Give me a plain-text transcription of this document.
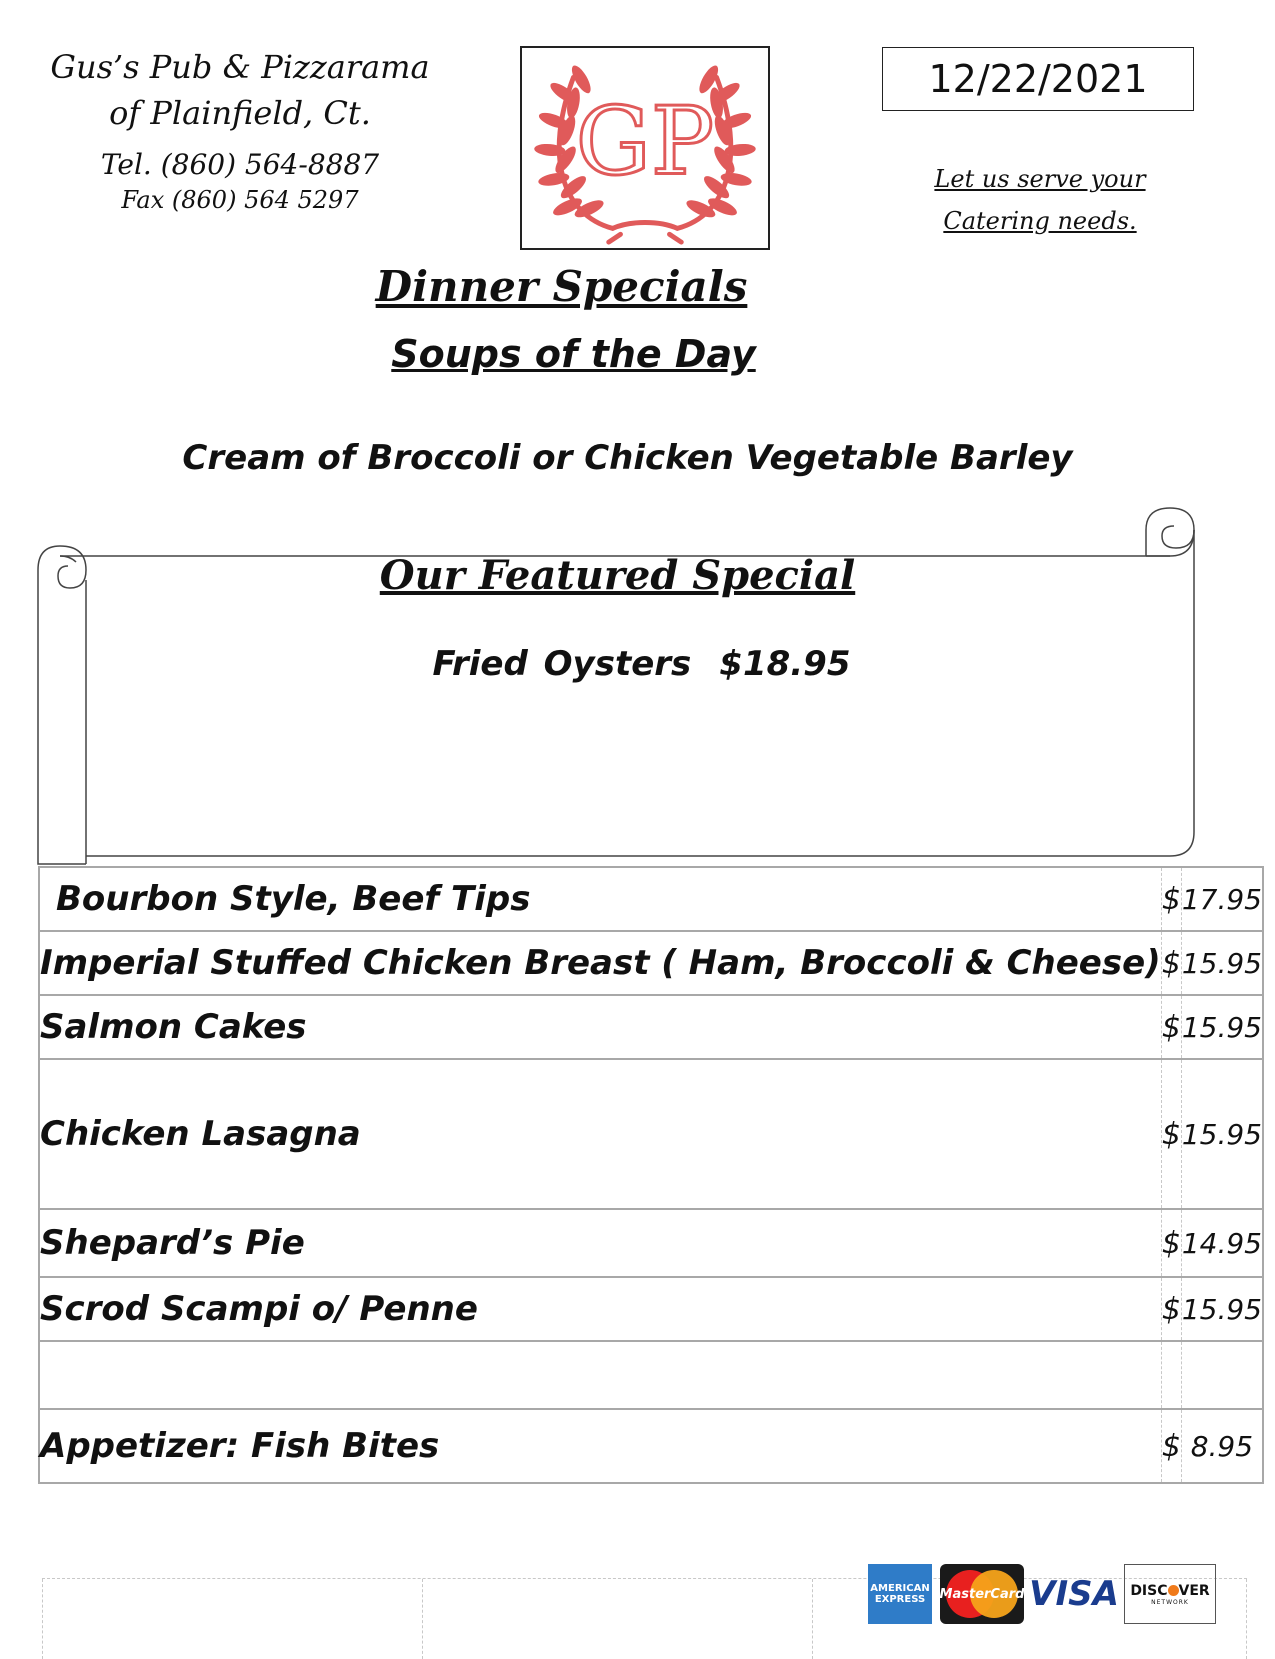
Gus’s Pub & Pizzarama
of Plainfield, Ct.
Tel. (860) 564-8887
Fax (860) 564 5297
GP
12/22/2021
Let us serve your
Catering needs.
Dinner Specials
Soups of the Day
Cream of Broccoli or Chicken Vegetable Barley
Our Featured Special
Fried Oysters $18.95
Bourbon Style, Beef Tips	$	17.95
Imperial Stuffed Chicken Breast ( Ham, Broccoli & Cheese)	$	15.95
Salmon Cakes	$	15.95
Chicken Lasagna	$	15.95
Shepard’s Pie	$	14.95
Scrod Scampi o/ Penne	$	15.95

Appetizer: Fish Bites	$	8.95
AMERICAN
EXPRESS	MasterCard VISA DISC VER
NETWORK
